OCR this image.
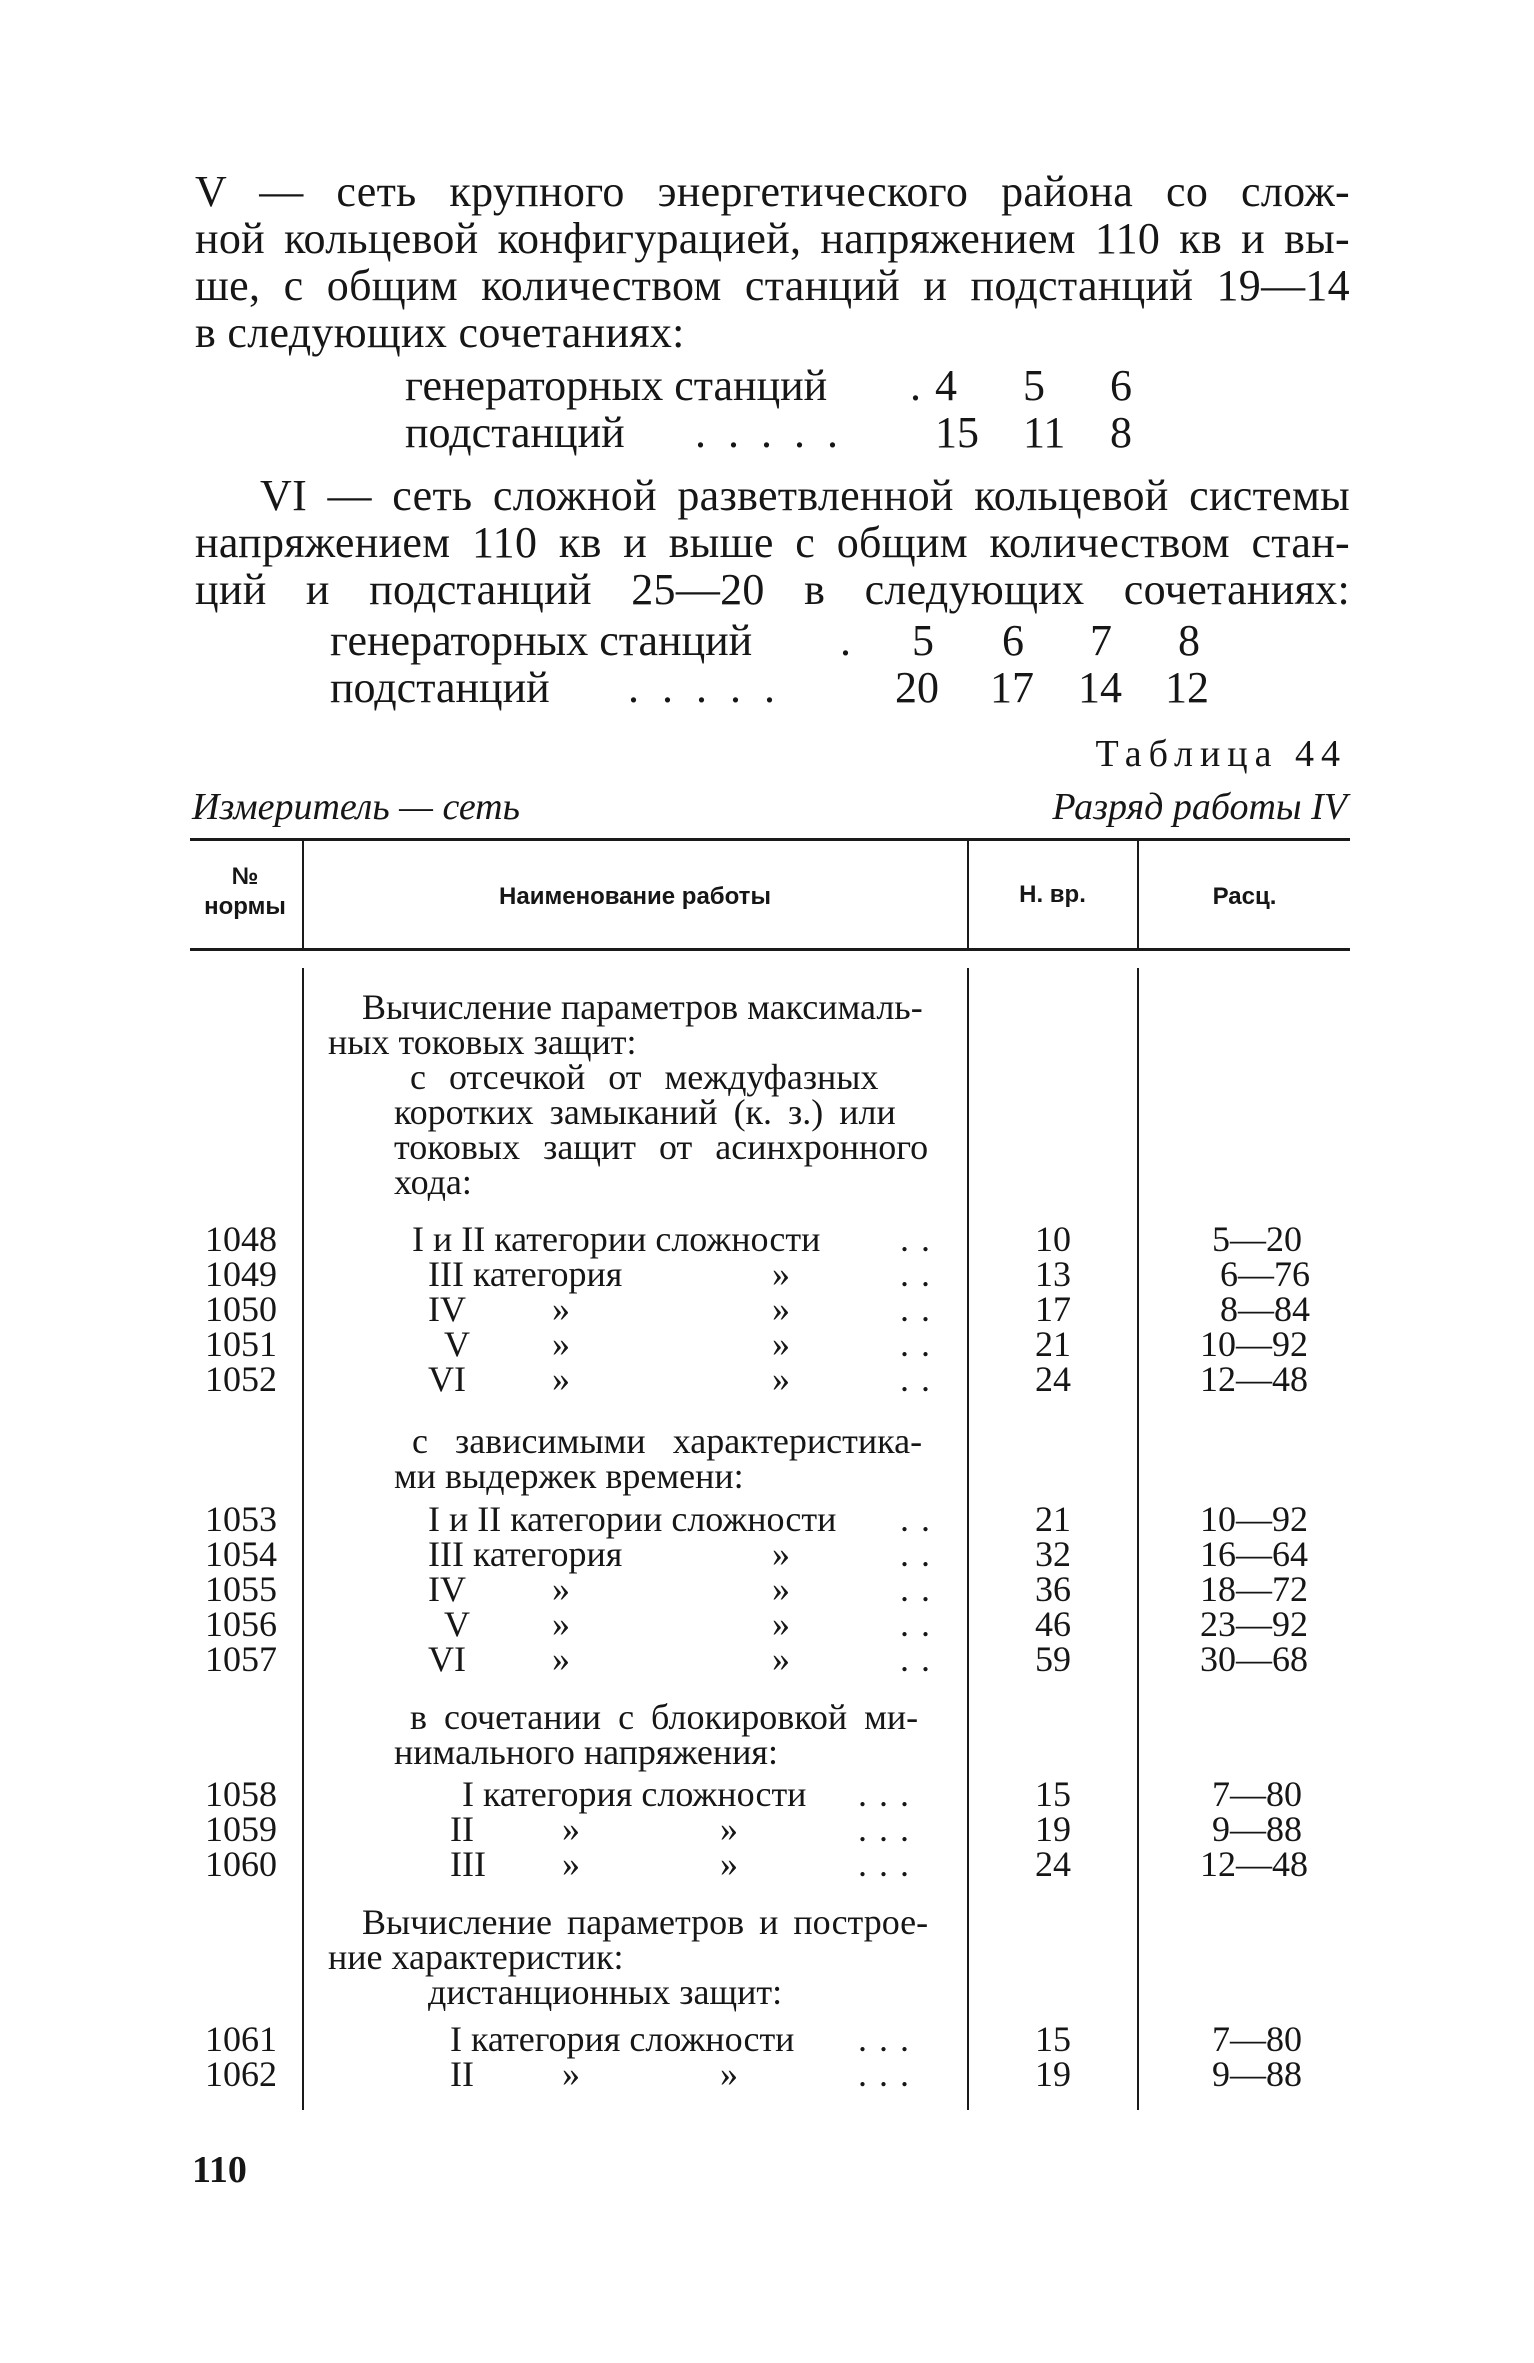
V — сеть крупного энергетического района со слож-
ной кольцевой конфигурацией, напряжением 110 кв и вы-
ше, с общим количеством станций и подстанций 19—14
в следующих сочетаниях:
генераторных станций . 4 5 6
подстанций ..... 15 11 8
VI — сеть сложной разветвленной кольцевой системы
напряжением 110 кв и выше с общим количеством стан-
ций и подстанций 25—20 в следующих сочетаниях:
генераторных станций . 5 6 7 8
подстанций ..... 20 17 14 12
Таблица 44
Измеритель — сеть	Разряд работы IV
№
нормы	Наименование работы	Н. вр.	Расц.
Вычисление параметров максималь-
ных токовых защит:
с отсечкой от междуфазных
коротких замыканий (к. з.) или
токовых защит от асинхронного
хода:
1048	I и II категории сложности ..	10	5—20
1049	III категория	»	..	13	6—76
1050	IV »	»	..	17	8—84
1051	V »	»	..	21	10—92
1052	VI »	»	..	24	12—48
с зависимыми характеристика-
ми выдержек времени:
1053	I и II категории сложности ..	21	10—92
1054	III категория	»	..	32	16—64
1055	IV »	»	..	36	18—72
1056	V »	»	..	46	23—92
1057	VI »	»	..	59	30—68
в сочетании с блокировкой ми-
нимального напряжения:
1058	I категория сложности ...	15	7—80
1059	II »	»	...	19	9—88
1060	III »	»	...	24	12—48
Вычисление параметров и построе-
ние характеристик:
дистанционных защит:
1061	I категория сложности ...	15	7—80
1062	II »	»	...	19	9—88
110
